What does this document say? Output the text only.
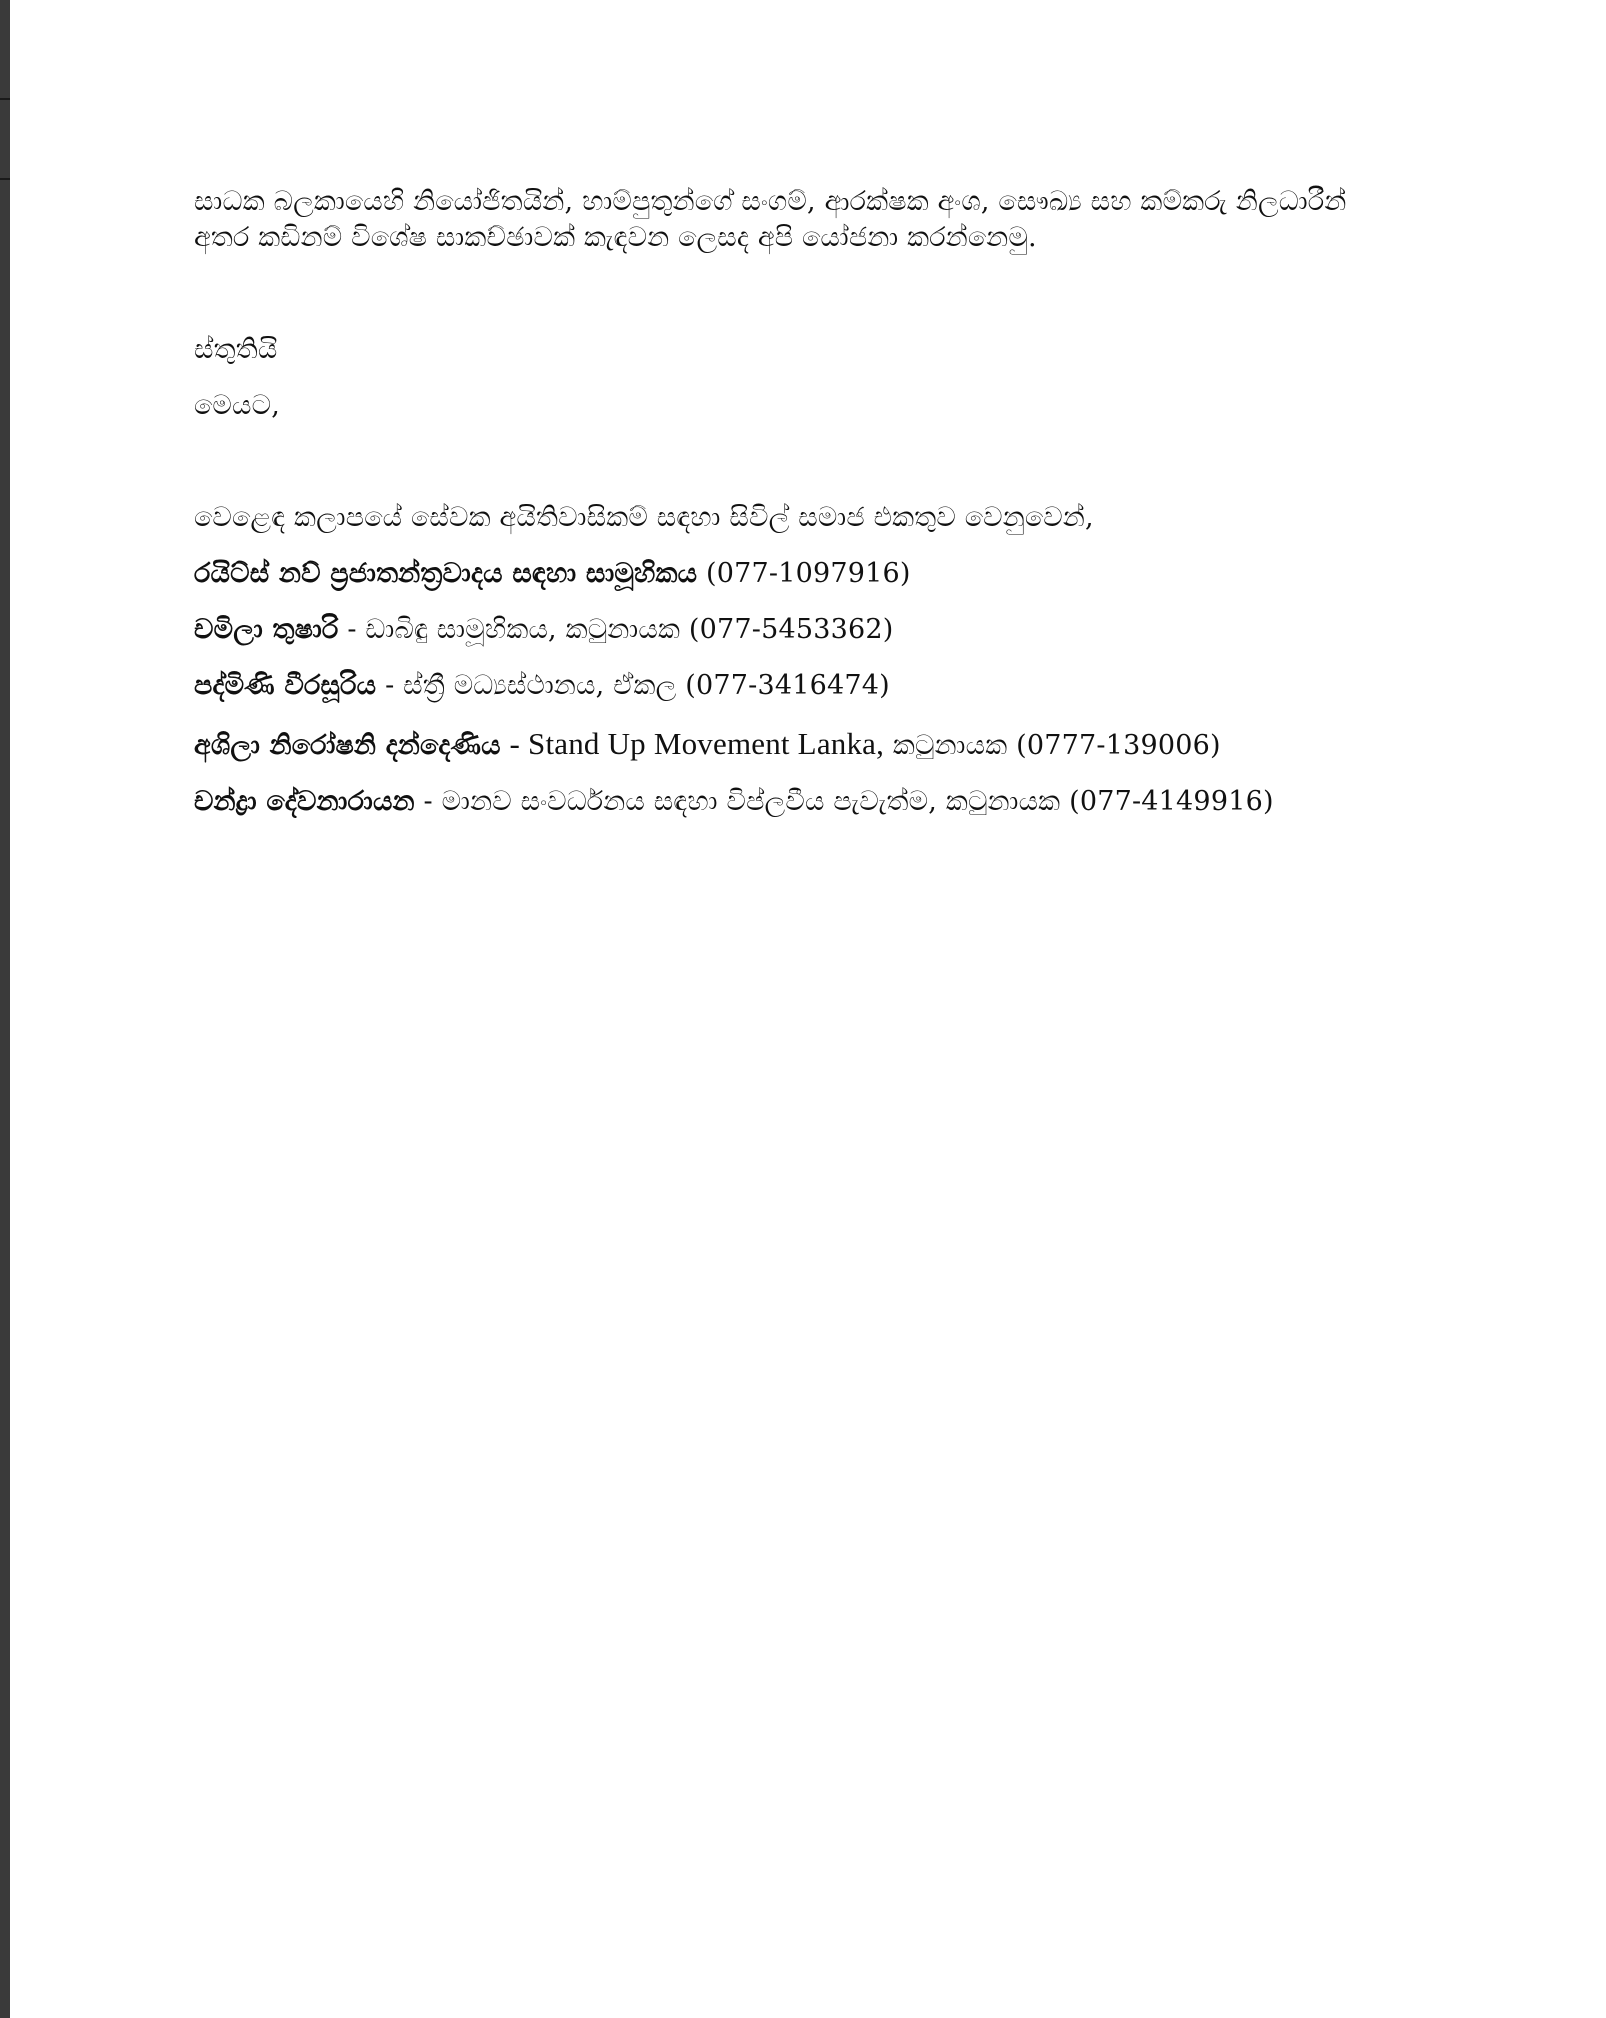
සාධක බලකායෙහි නියෝජිතයින්, හාම්පුතුන්ගේ සංගම්, ආරක්ෂක අංශ, සෞඛ්‍ය සහ කම්කරු නිලධාරීන්
අතර කඩිනම් විශේෂ සාකච්ඡාවක් කැඳවන ලෙසද අපි යෝජනා කරන්නෙමු.
ස්තුතියි
මෙයට,
වෙළෙඳ කලාපයේ සේවක අයිතිවාසිකම් සඳහා සිවිල් සමාජ එකතුව වෙනුවෙන්,
රයිට්ස් නව් ප්‍රජාතන්ත්‍රවාදය සඳහා සාමූහිකය (077-1097916)
චමිලා තුෂාරි - ඩාබිඳු සාමූහිකය, කටුනායක (077-5453362)
පද්මිණි වීරසූරිය - ස්ත්‍රී මධ්‍යස්ථානය, ඒකල (077-3416474)
අශිලා නිරෝෂනි දන්දෙණිය - Stand Up Movement Lanka, කටුනායක (0777-139006)
චන්ද්‍රා දේවනාරායන - මානව සංවර්ධනය සඳහා විප්ලවීය පැවැත්ම, කටුනායක (077-4149916)
